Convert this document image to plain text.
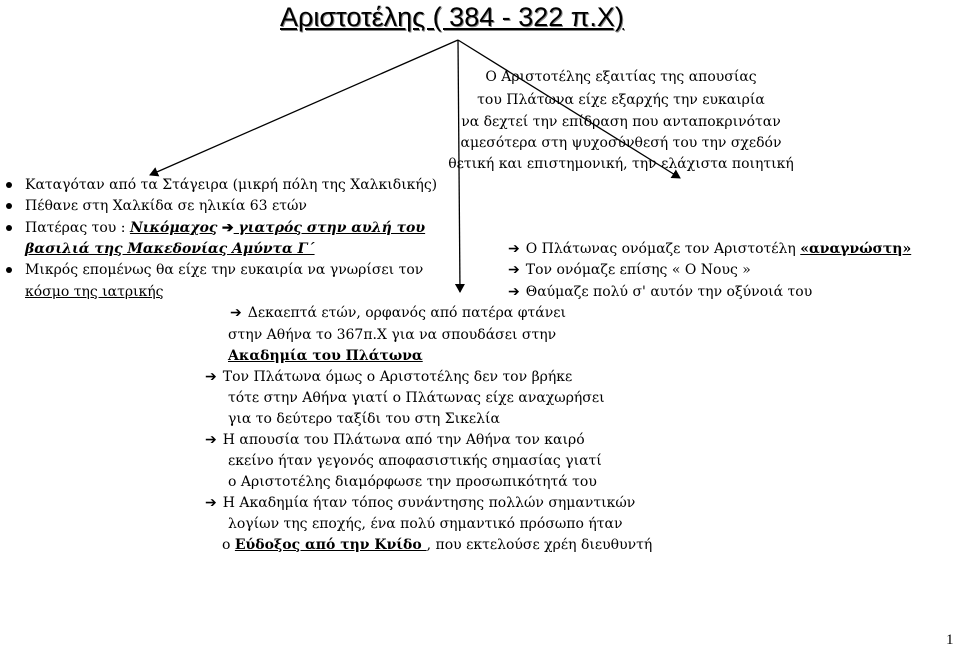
Αριστοτέλης ( 384 - 322 π.Χ)
Ο Αριστοτέλης εξαιτίας της απουσίας
του Πλάτωνα είχε εξαρχής την ευκαιρία
να δεχτεί την επίδραση που ανταποκρινόταν
αμεσότερα στη ψυχοσύνθεσή του την σχεδόν
θετική και επιστημονική, την ελάχιστα ποιητική
Καταγόταν από τα Στάγειρα (μικρή πόλη της Χαλκιδικής)
Πέθανε στη Χαλκίδα σε ηλικία 63 ετών
Πατέρας του : Νικόμαχος ➔ γιατρός στην αυλή του
βασιλιά της Μακεδονίας Αμύντα Γ΄
Μικρός επομένως θα είχε την ευκαιρία να γνωρίσει τον
κόσμο της ιατρικής
➔ Ο Πλάτωνας ονόμαζε τον Αριστοτέλη «αναγνώστη»
➔ Τον ονόμαζε επίσης « Ο Νους »
➔ Θαύμαζε πολύ σ' αυτόν την οξύνοιά του
➔ Δεκαεπτά ετών, ορφανός από πατέρα φτάνει
στην Αθήνα το 367π.Χ για να σπουδάσει στην
Ακαδημία του Πλάτωνα
➔ Τον Πλάτωνα όμως ο Αριστοτέλης δεν τον βρήκε
τότε στην Αθήνα γιατί ο Πλάτωνας είχε αναχωρήσει
για το δεύτερο ταξίδι του στη Σικελία
➔ Η απουσία του Πλάτωνα από την Αθήνα τον καιρό
εκείνο ήταν γεγονός αποφασιστικής σημασίας γιατί
ο Αριστοτέλης διαμόρφωσε την προσωπικότητά του
➔ Η Ακαδημία ήταν τόπος συνάντησης πολλών σημαντικών
λογίων της εποχής, ένα πολύ σημαντικό πρόσωπο ήταν
ο Εύδοξος από την Κνίδο , που εκτελούσε χρέη διευθυντή
1
